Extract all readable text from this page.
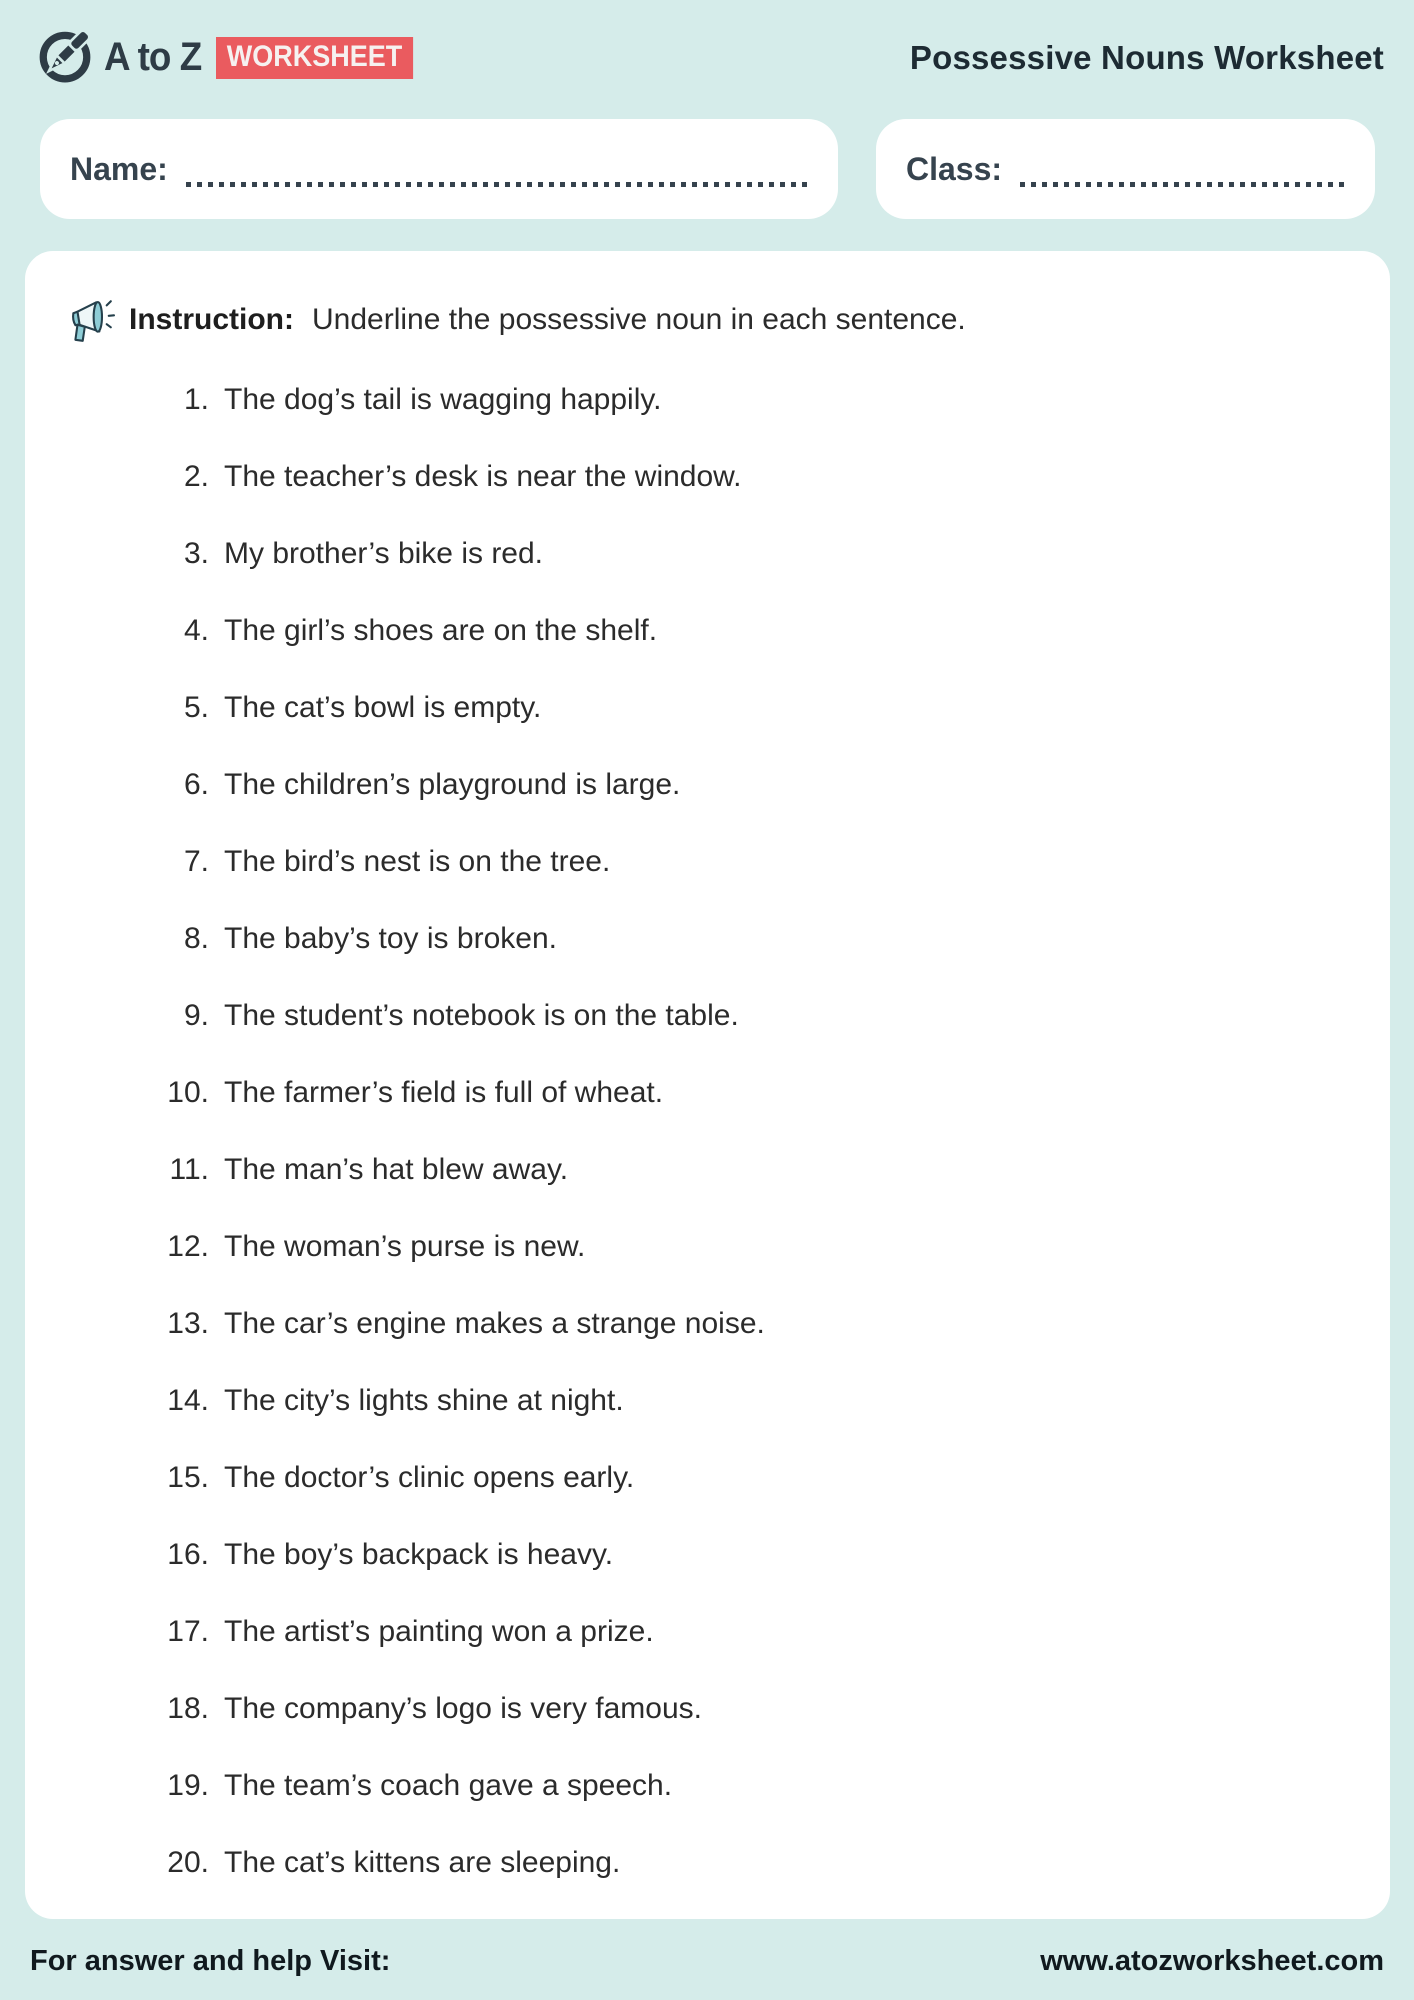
A to Z WORKSHEET	Possessive Nouns Worksheet
Name:	Class:
Instruction: Underline the possessive noun in each sentence.
1. The dog’s tail is wagging happily.
2. The teacher’s desk is near the window.
3. My brother’s bike is red.
4. The girl’s shoes are on the shelf.
5. The cat’s bowl is empty.
6. The children’s playground is large.
7. The bird’s nest is on the tree.
8. The baby’s toy is broken.
9. The student’s notebook is on the table.
10. The farmer’s field is full of wheat.
11. The man’s hat blew away.
12. The woman’s purse is new.
13. The car’s engine makes a strange noise.
14. The city’s lights shine at night.
15. The doctor’s clinic opens early.
16. The boy’s backpack is heavy.
17. The artist’s painting won a prize.
18. The company’s logo is very famous.
19. The team’s coach gave a speech.
20. The cat’s kittens are sleeping.
For answer and help Visit:	www.atozworksheet.com
